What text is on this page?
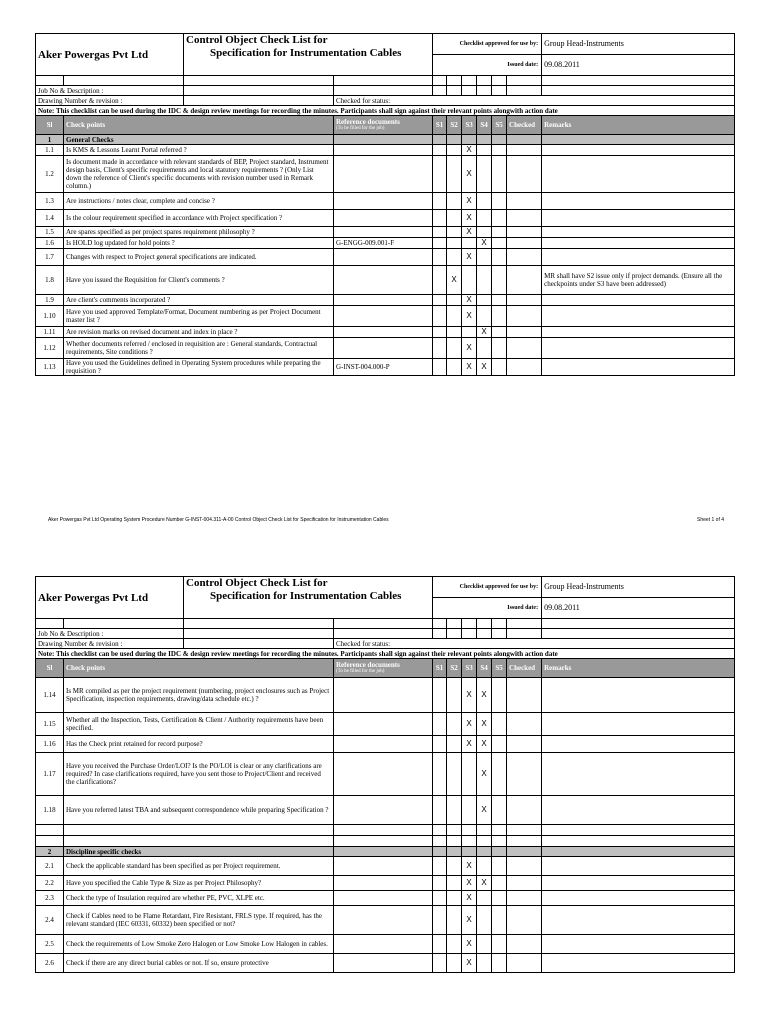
Aker Powergas Pvt Ltd		Control Object Check List for
Specification for Instrumentation Cables		Checklist approved for use by:						Group Head-Instruments
				Issued date:						09.08.2011

Job No & Description :										
Drawing Number & revision :			Checked for status:							
Note: This checklist can be used during the IDC & design review meetings for recording the minutes. Participants shall sign against their relevant points alongwith action date										
Sl	Check points		Reference documents
(To be filled for the job)	S1	S2	S3	S4	S5	Checked	Remarks
1	General Checks									
1.1	Is KMS & Lessons Learnt Portal referred ?					X				
1.2	Is document made in accordance with relevant standards of BEP, Project standard, Instrument design basis, Client's specific requirements and local statutory requirements ? (Only List down the reference of Client's specific documents with revision number used in Remark column.)					X				
1.3	Are instructions / notes clear, complete and concise ?					X				
1.4	Is the colour requirement specified in accordance with Project specification ?					X				
1.5	Are spares specified as per project spares requirement philosophy ?					X				
1.6	Is HOLD log updated for hold points ?		G-ENGG-009.001-F				X			
1.7	Changes with respect to Project general specifications are indicated.					X				
1.8	Have you issued the Requisition for Client's comments ?				X					MR shall have S2 issue only if project demands. (Ensure all the checkpoints under S3 have been addressed)
1.9	Are client's comments incorporated ?					X				
1.10	Have you used approved Template/Format, Document numbering as per Project Document master list ?					X				
1.11	Are revision marks on revised document and index in place ?						X			
1.12	Whether documents referred / enclosed in requisition are : General standards, Contractual requirements, Site conditions ?					X				
1.13	Have you used the Guidelines defined in Operating System procedures while preparing the requisition ?		G-INST-004.000-P			X	X			
Aker Powergas Pvt Ltd Operating System Procedure Number G-INST-004.311-A-00 Control Object Check List for Specification for Instrumentation Cables	Sheet 1 of 4
Aker Powergas Pvt Ltd		Control Object Check List for
Specification for Instrumentation Cables		Checklist approved for use by:						Group Head-Instruments
				Issued date:						09.08.2011

Job No & Description :										
Drawing Number & revision :			Checked for status:							
Note: This checklist can be used during the IDC & design review meetings for recording the minutes. Participants shall sign against their relevant points alongwith action date										
Sl	Check points		Reference documents
(To be filled for the job)	S1	S2	S3	S4	S5	Checked	Remarks
1.14	Is MR compiled as per the project requirement (numbering, project enclosures such as Project Specification, inspection requirements, drawing/data schedule etc.) ?					X	X			
1.15	Whether all the Inspection, Tests, Certification & Client / Authority requirements have been specified.					X	X			
1.16	Has the Check print retained for record purpose?					X	X			
1.17	Have you received the Purchase Order/LOI? Is the PO/LOI is clear or any clarifications are required? In case clarifications required, have you sent those to Project/Client and received the clarifications?						X			
1.18	Have you referred latest TBA and subsequent correspondence while preparing Specification ?						X			

2	Discipline specific checks									
2.1	Check the applicable standard has been specified as per Project requirement.					X				
2.2	Have you specified the Cable Type & Size as per Project Philosophy?					X	X			
2.3	Check the type of Insulation required are whether PE, PVC, XLPE etc.					X				
2.4	Check if Cables need to be Flame Retardant, Fire Resistant, FRLS type. If required, has the relevant standard (IEC 60331, 60332) been specified or not?					X				
2.5	Check the requirements of Low Smoke Zero Halogen or Low Smoke Low Halogen in cables.					X				
2.6	Check if there are any direct burial cables or not. If so, ensure protective					X				
